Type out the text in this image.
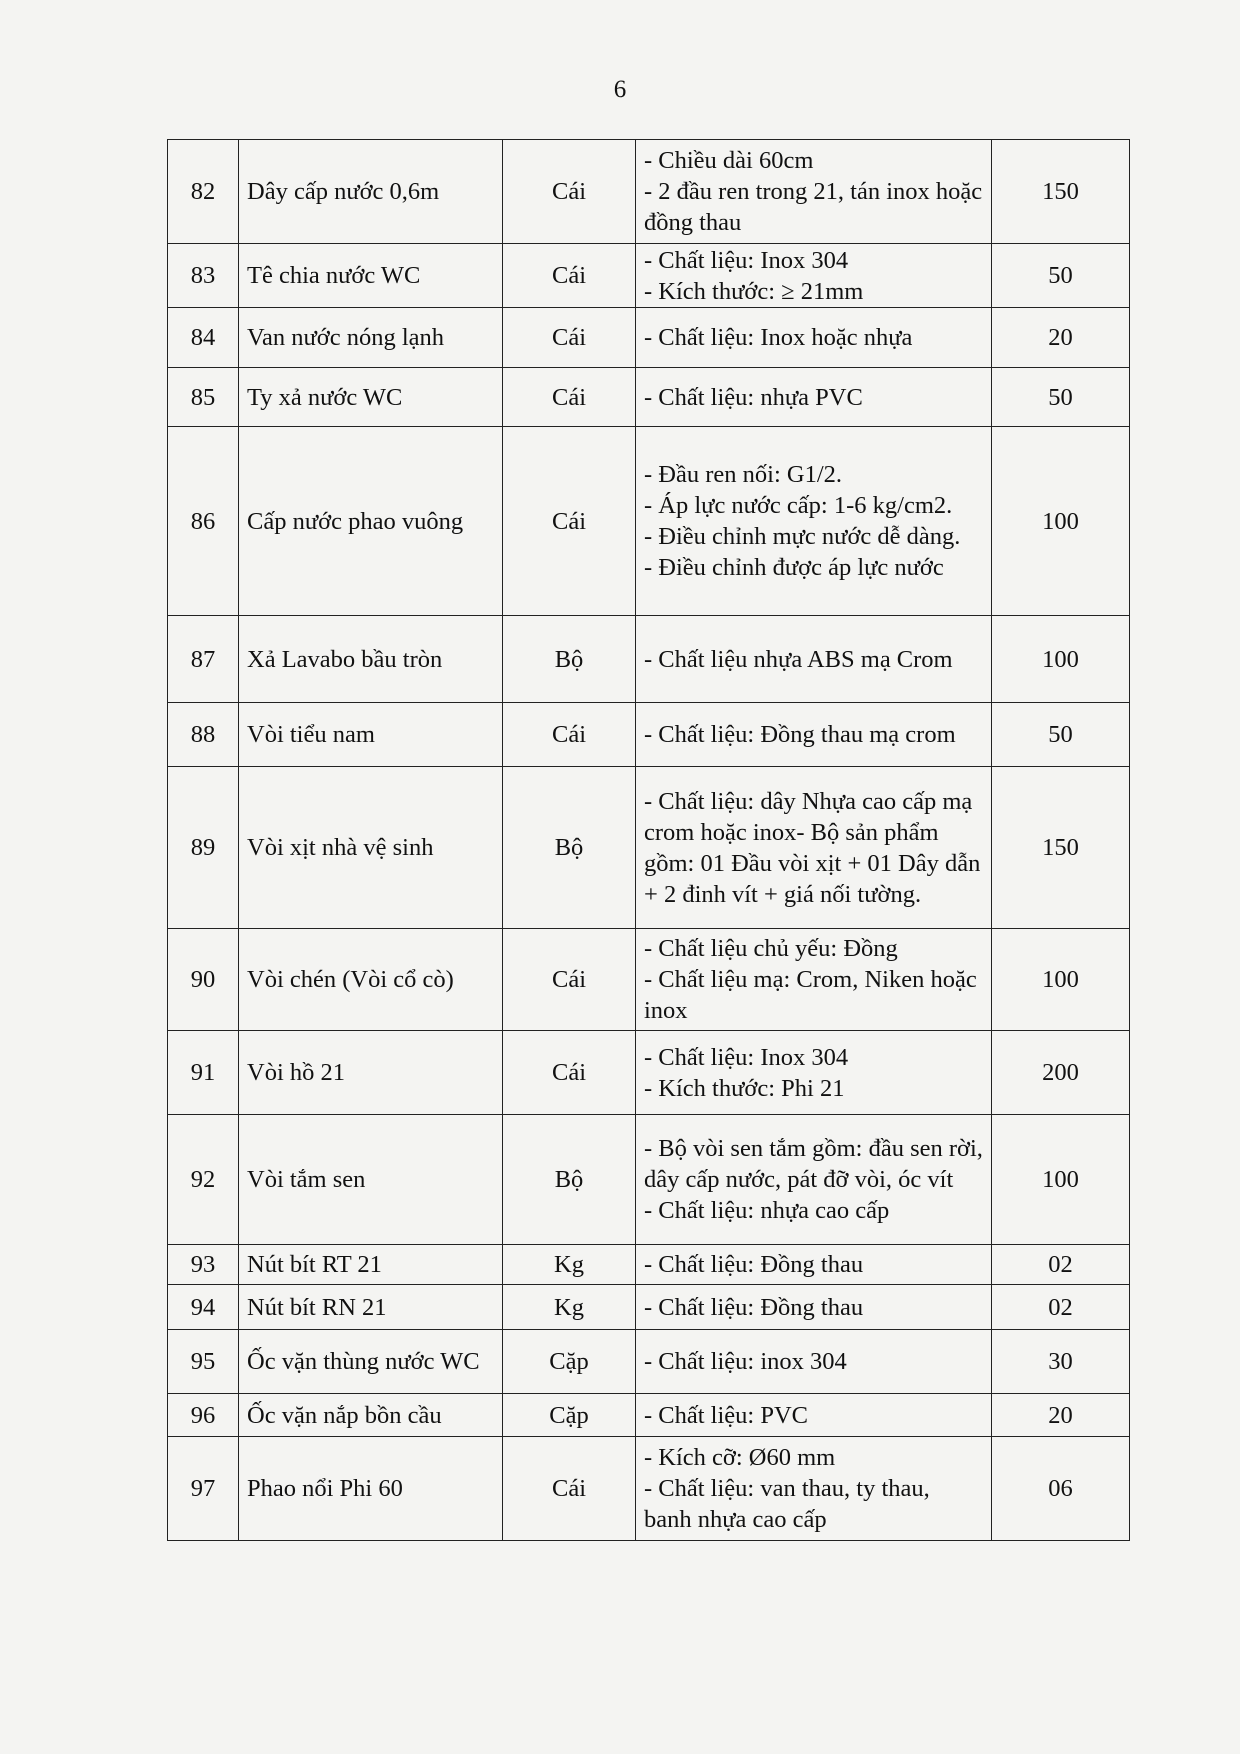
6
82	Dây cấp nước 0,6m	Cái	- Chiều dài 60cm
- 2 đầu ren trong 21, tán inox hoặc đồng thau	150
83	Tê chia nước WC	Cái	- Chất liệu: Inox 304
- Kích thước: ≥ 21mm	50
84	Van nước nóng lạnh	Cái	- Chất liệu: Inox hoặc nhựa	20
85	Ty xả nước WC	Cái	- Chất liệu: nhựa PVC	50
86	Cấp nước phao vuông	Cái	- Đầu ren nối: G1/2.
- Áp lực nước cấp: 1-6 kg/cm2.
- Điều chỉnh mực nước dễ dàng.
- Điều chỉnh được áp lực nước	100
87	Xả Lavabo bầu tròn	Bộ	- Chất liệu nhựa ABS mạ Crom	100
88	Vòi tiểu nam	Cái	- Chất liệu: Đồng thau mạ crom	50
89	Vòi xịt nhà vệ sinh	Bộ	- Chất liệu: dây Nhựa cao cấp mạ crom hoặc inox- Bộ sản phẩm gồm: 01 Đầu vòi xịt + 01 Dây dẫn + 2 đinh vít + giá nối tường.	150
90	Vòi chén (Vòi cổ cò)	Cái	- Chất liệu chủ yếu: Đồng
- Chất liệu mạ: Crom, Niken hoặc inox	100
91	Vòi hồ 21	Cái	- Chất liệu: Inox 304
- Kích thước: Phi 21	200
92	Vòi tắm sen	Bộ	- Bộ vòi sen tắm gồm: đầu sen rời, dây cấp nước, pát đỡ vòi, óc vít
- Chất liệu: nhựa cao cấp	100
93	Nút bít RT 21	Kg	- Chất liệu: Đồng thau	02
94	Nút bít RN 21	Kg	- Chất liệu: Đồng thau	02
95	Ốc vặn thùng nước WC	Cặp	- Chất liệu: inox 304	30
96	Ốc vặn nắp bồn cầu	Cặp	- Chất liệu: PVC	20
97	Phao nổi Phi 60	Cái	- Kích cỡ: Ø60 mm
- Chất liệu: van thau, ty thau, banh nhựa cao cấp	06
